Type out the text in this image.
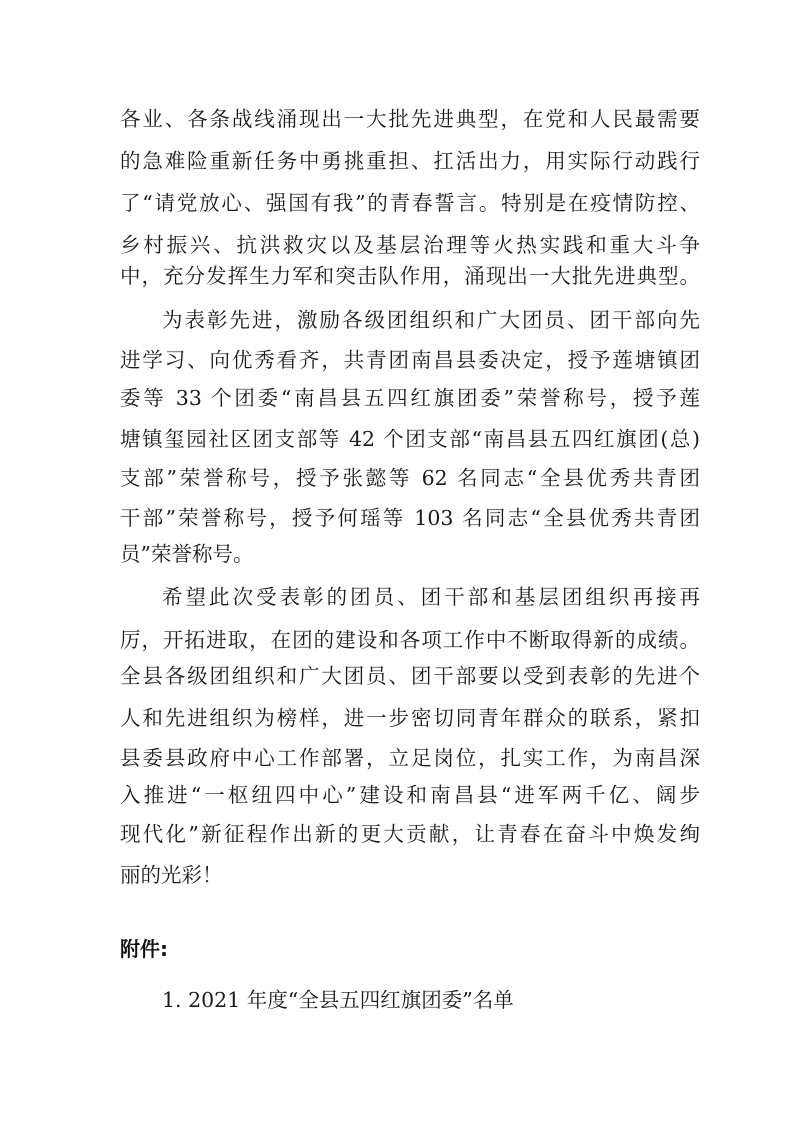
各业、各条战线涌现出一大批先进典型，在党和人民最需要
的急难险重新任务中勇挑重担、扛活出力，用实际行动践行
了“请党放心、强国有我”的青春誓言。特别是在疫情防控、
乡村振兴、抗洪救灾以及基层治理等火热实践和重大斗争
中，充分发挥生力军和突击队作用，涌现出一大批先进典型。
为表彰先进，激励各级团组织和广大团员、团干部向先
进学习、向优秀看齐，共青团南昌县委决定，授予莲塘镇团
委等 33 个团委“南昌县五四红旗团委”荣誉称号，授予莲
塘镇玺园社区团支部等 42 个团支部“南昌县五四红旗团(总)
支部”荣誉称号，授予张懿等 62 名同志“全县优秀共青团
干部”荣誉称号，授予何瑶等 103 名同志“全县优秀共青团
员”荣誉称号。
希望此次受表彰的团员、团干部和基层团组织再接再
厉，开拓进取，在团的建设和各项工作中不断取得新的成绩。
全县各级团组织和广大团员、团干部要以受到表彰的先进个
人和先进组织为榜样，进一步密切同青年群众的联系，紧扣
县委县政府中心工作部署，立足岗位，扎实工作，为南昌深
入推进“一枢纽四中心”建设和南昌县“进军两千亿、阔步
现代化”新征程作出新的更大贡献，让青春在奋斗中焕发绚
丽的光彩！
附件:
1. 2021 年度“全县五四红旗团委”名单
